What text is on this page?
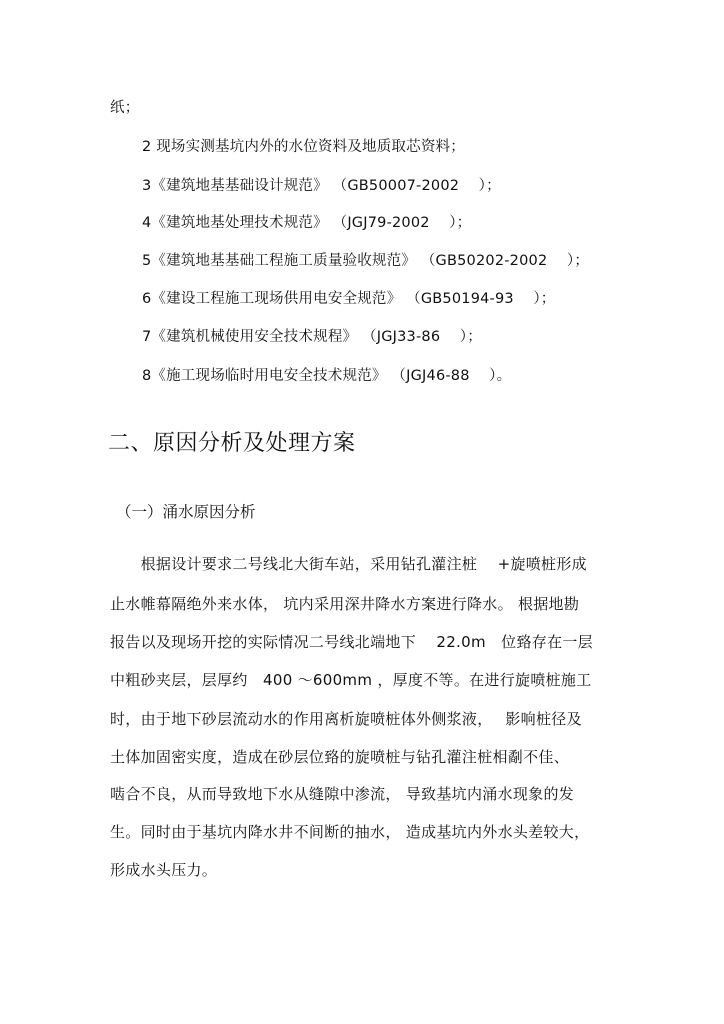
纸；
2 现场实测基坑内外的水位资料及地质取芯资料；
3《建筑地基基础设计规范》 （GB50007-2002　 ）；
4《建筑地基处理技术规范》 （JGJ79-2002　 ）；
5《建筑地基基础工程施工质量验收规范》 （GB50202-2002　 ）；
6《建设工程施工现场供用电安全规范》 （GB50194-93　 ）；
7《建筑机械使用安全技术规程》 （JGJ33-86　 ）；
8《施工现场临时用电安全技术规范》 （JGJ46-88　 ）。
二、原因分析及处理方案
（一）涌水原因分析
　　根据设计要求二号线北大街车站，采用钻孔灌注桩　 +旋喷桩形成
止水帷幕隔绝外来水体， 坑内采用深井降水方案进行降水。 根据地勘
报告以及现场开挖的实际情况二号线北端地下　 22.0m　位臵存在一层
中粗砂夹层，层厚约　400 ～600mm ，厚度不等。在进行旋喷桩施工
时，由于地下砂层流动水的作用离析旋喷桩体外侧浆液，　 影响桩径及
土体加固密实度，造成在砂层位臵的旋喷桩与钻孔灌注桩相劀不佳、
啮合不良，从而导致地下水从缝隙中渗流， 导致基坑内涌水现象的发
生。同时由于基坑内降水井不间断的抽水， 造成基坑内外水头差较大，
形成水头压力。
